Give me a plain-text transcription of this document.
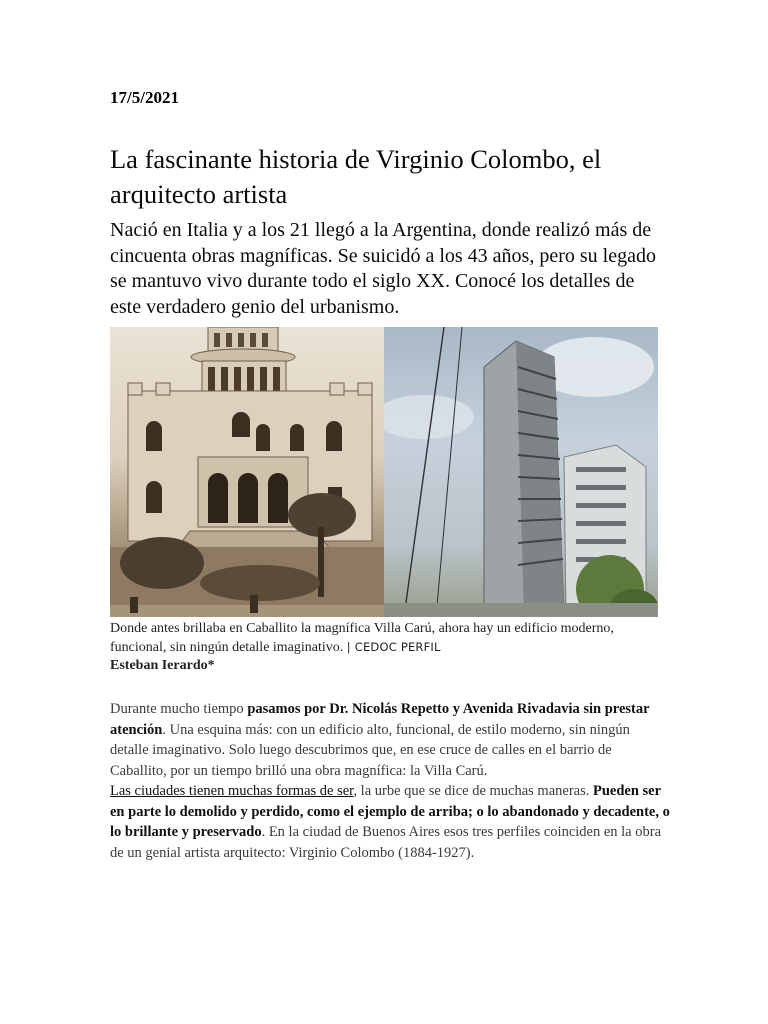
17/5/2021
La fascinante historia de Virginio Colombo, el arquitecto artista

Nació en Italia y a los 21 llegó a la Argentina, donde realizó más de cincuenta obras magníficas. Se suicidó a los 43 años, pero su legado se mantuvo vivo durante todo el siglo XX. Conocé los detalles de este verdadero genio del urbanismo.

Donde antes brillaba en Caballito la magnífica Villa Carú, ahora hay un edificio moderno, funcional, sin ningún detalle imaginativo. | CEDOC PERFIL
Esteban Ierardo*

Durante mucho tiempo pasamos por Dr. Nicolás Repetto y Avenida Rivadavia sin prestar atención. Una esquina más: con un edificio alto, funcional, de estilo moderno, sin ningún detalle imaginativo. Solo luego descubrimos que, en ese cruce de calles en el barrio de Caballito, por un tiempo brilló una obra magnífica: la Villa Carú.

Las ciudades tienen muchas formas de ser, la urbe que se dice de muchas maneras. Pueden ser en parte lo demolido y perdido, como el ejemplo de arriba; o lo abandonado y decadente, o lo brillante y preservado. En la ciudad de Buenos Aires esos tres perfiles coinciden en la obra de un genial artista arquitecto: Virginio Colombo (1884-1927).
